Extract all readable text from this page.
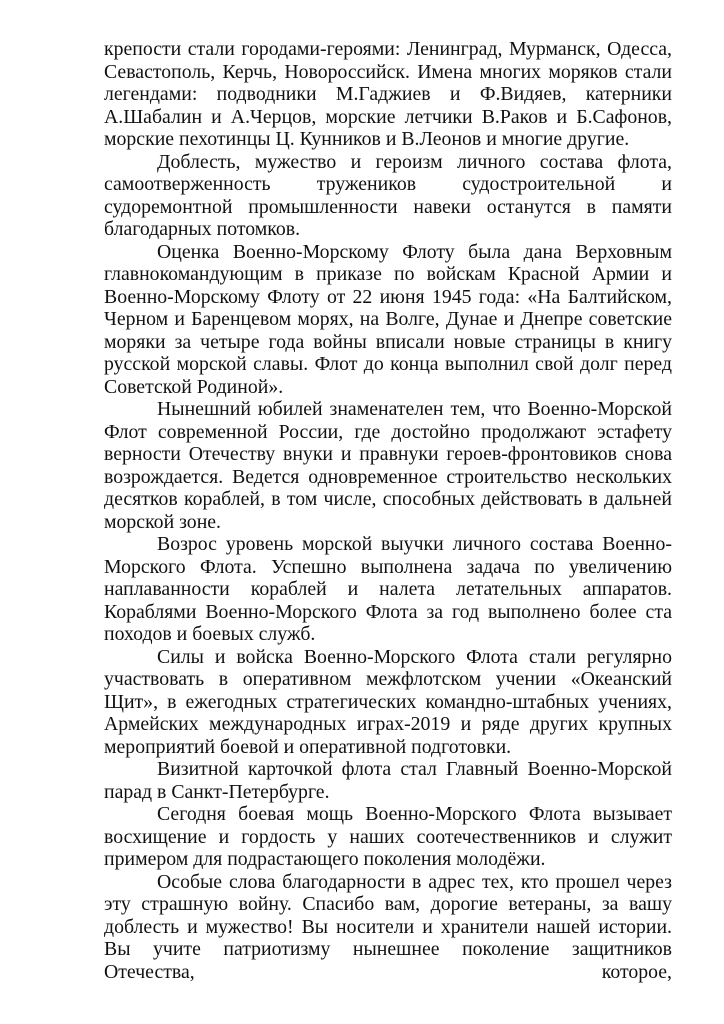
крепости стали городами-героями: Ленинград, Мурманск, Одесса, Севастополь, Керчь, Новороссийск. Имена многих моряков стали легендами: подводники М.Гаджиев и Ф.Видяев, катерники А.Шабалин и А.Черцов, морские летчики В.Раков и Б.Сафонов, морские пехотинцы Ц. Кунников и В.Леонов и многие другие.

Доблесть, мужество и героизм личного состава флота, самоотверженность тружеников судостроительной и судоремонтной промышленности навеки останутся в памяти благодарных потомков.

Оценка Военно-Морскому Флоту была дана Верховным главнокомандующим в приказе по войскам Красной Армии и Военно-Морскому Флоту от 22 июня 1945 года: «На Балтийском, Черном и Баренцевом морях, на Волге, Дунае и Днепре советские моряки за четыре года войны вписали новые страницы в книгу русской морской славы. Флот до конца выполнил свой долг перед Советской Родиной».

Нынешний юбилей знаменателен тем, что Военно-Морской Флот современной России, где достойно продолжают эстафету верности Отечеству внуки и правнуки героев-фронтовиков снова возрождается. Ведется одновременное строительство нескольких десятков кораблей, в том числе, способных действовать в дальней морской зоне.

Возрос уровень морской выучки личного состава Военно-Морского Флота. Успешно выполнена задача по увеличению наплаванности кораблей и налета летательных аппаратов. Кораблями Военно-Морского Флота за год выполнено более ста походов и боевых служб.

Силы и войска Военно-Морского Флота стали регулярно участвовать в оперативном межфлотском учении «Океанский Щит», в ежегодных стратегических командно-штабных учениях, Армейских международных играх-2019 и ряде других крупных мероприятий боевой и оперативной подготовки.

Визитной карточкой флота стал Главный Военно-Морской парад в Санкт-Петербурге.

Сегодня боевая мощь Военно-Морского Флота вызывает восхищение и гордость у наших соотечественников и служит примером для подрастающего поколения молодёжи.

Особые слова благодарности в адрес тех, кто прошел через эту страшную войну. Спасибо вам, дорогие ветераны, за вашу доблесть и мужество! Вы носители и хранители нашей истории. Вы учите патриотизму нынешнее поколение защитников Отечества, которое,
